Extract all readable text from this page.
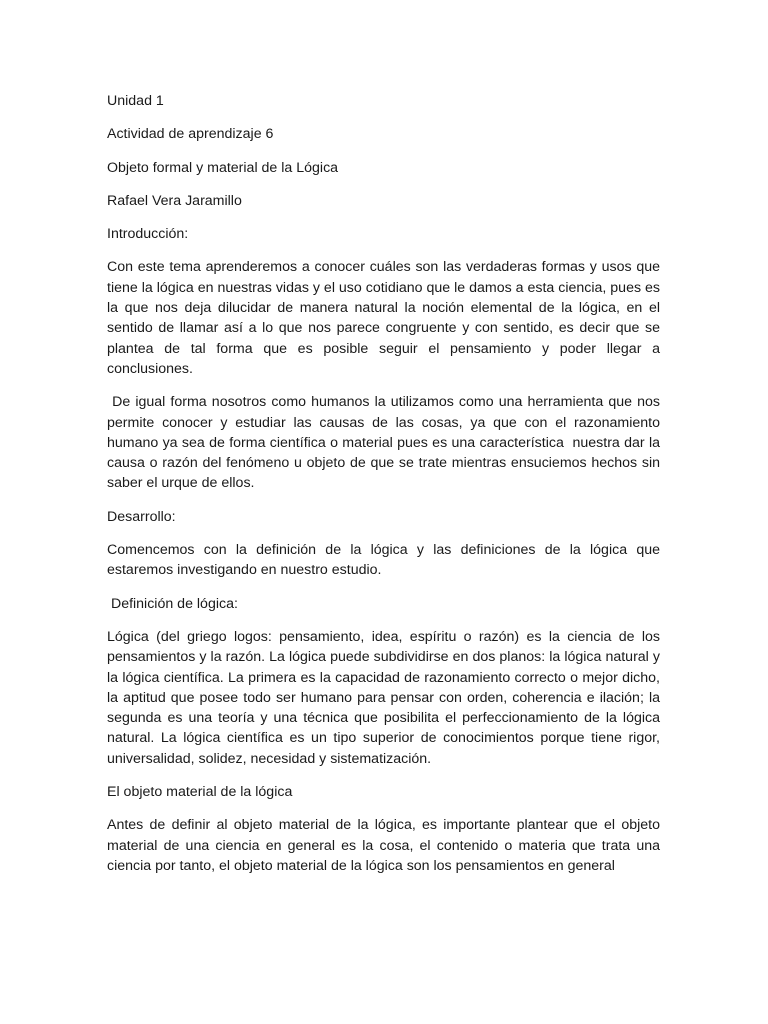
Unidad 1
Actividad de aprendizaje 6
Objeto formal y material de la Lógica
Rafael Vera Jaramillo
Introducción:

Con este tema aprenderemos a conocer cuáles son las verdaderas formas y usos que tiene la lógica en nuestras vidas y el uso cotidiano que le damos a esta ciencia, pues es la que nos deja dilucidar de manera natural la noción elemental de la lógica, en el sentido de llamar así a lo que nos parece congruente y con sentido, es decir que se plantea de tal forma que es posible seguir el pensamiento y poder llegar a conclusiones.

De igual forma nosotros como humanos la utilizamos como una herramienta que nos permite conocer y estudiar las causas de las cosas, ya que con el razonamiento humano ya sea de forma científica o material pues es una característica  nuestra dar la causa o razón del fenómeno u objeto de que se trate mientras ensuciemos hechos sin saber el urque de ellos.

Desarrollo:

Comencemos con la definición de la lógica y las definiciones de la lógica que estaremos investigando en nuestro estudio.

Definición de lógica:

Lógica (del griego logos: pensamiento, idea, espíritu o razón) es la ciencia de los pensamientos y la razón. La lógica puede subdividirse en dos planos: la lógica natural y la lógica científica. La primera es la capacidad de razonamiento correcto o mejor dicho, la aptitud que posee todo ser humano para pensar con orden, coherencia e ilación; la segunda es una teoría y una técnica que posibilita el perfeccionamiento de la lógica natural. La lógica científica es un tipo superior de conocimientos porque tiene rigor, universalidad, solidez, necesidad y sistematización.

El objeto material de la lógica

Antes de definir al objeto material de la lógica, es importante plantear que el objeto material de una ciencia en general es la cosa, el contenido o materia que trata una ciencia por tanto, el objeto material de la lógica son los pensamientos en general
